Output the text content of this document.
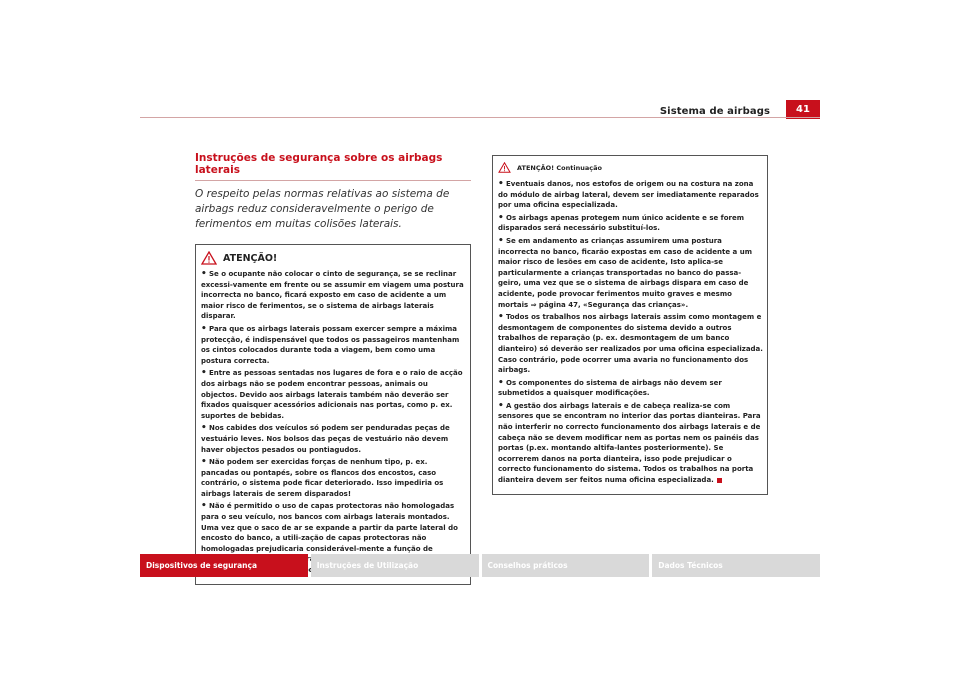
Sistema de airbags	41
Instruções de segurança sobre os airbags laterais
O respeito pelas normas relativas ao sistema de airbags reduz consideravelmente o perigo de ferimentos em muitas colisões laterais.
ATENÇÃO!
• Se o ocupante não colocar o cinto de segurança, se se reclinar excessi-vamente em frente ou se assumir em viagem uma postura incorrecta no banco, ficará exposto em caso de acidente a um maior risco de ferimentos, se o sistema de airbags laterais disparar.
• Para que os airbags laterais possam exercer sempre a máxima protecção, é indispensável que todos os passageiros mantenham os cintos colocados durante toda a viagem, bem como uma postura correcta.
• Entre as pessoas sentadas nos lugares de fora e o raio de acção dos airbags não se podem encontrar pessoas, animais ou objectos. Devido aos airbags laterais também não deverão ser fixados quaisquer acessórios adicionais nas portas, como p. ex. suportes de bebidas.
• Nos cabides dos veículos só podem ser penduradas peças de vestuário leves. Nos bolsos das peças de vestuário não devem haver objectos pesados ou pontiagudos.
• Não podem ser exercidas forças de nenhum tipo, p. ex. pancadas ou pontapés, sobre os flancos dos encostos, caso contrário, o sistema pode ficar deteriorado. Isso impediria os airbags laterais de serem disparados!
• Não é permitido o uso de capas protectoras não homologadas para o seu veículo, nos bancos com airbags laterais montados. Uma vez que o saco de ar se expande a partir da parte lateral do encosto do banco, a utili-zação de capas protectoras não homologadas prejudicaria considerável-mente a função de
ATENÇÃO! Continuação
• Eventuais danos, nos estofos de origem ou na costura na zona do módulo de airbag lateral, devem ser imediatamente reparados por uma oficina especializada.
• Os airbags apenas protegem num único acidente e se forem disparados será necessário substituí-los.
• Se em andamento as crianças assumirem uma postura incorrecta no banco, ficarão expostas em caso de acidente a um maior risco de lesões em caso de acidente, Isto aplica-se particularmente a crianças transportadas no banco do passa-geiro, uma vez que se o sistema de airbags dispara em caso de acidente, pode provocar ferimentos muito graves e mesmo mortais ⇒ página 47, «Segurança das crianças».
• Todos os trabalhos nos airbags laterais assim como montagem e desmontagem de componentes do sistema devido a outros trabalhos de reparação (p. ex. desmontagem de um banco dianteiro) só deverão ser realizados por uma oficina especializada. Caso contrário, pode ocorrer uma avaria no funcionamento dos airbags.
• Os componentes do sistema de airbags não devem ser submetidos a quaisquer modificações.
• A gestão dos airbags laterais e de cabeça realiza-se com sensores que se encontram no interior das portas dianteiras. Para não interferir no correcto funcionamento dos airbags laterais e de cabeça não se devem modificar nem as portas nem os painéis das portas (p.ex. montando altifa-lantes posteriormente). Se ocorrerem danos na porta dianteira, isso pode prejudicar o correcto funcionamento do sistema. Todos os trabalhos na porta dianteira devem ser feitos numa oficina especializada.
Dispositivos de segurança	Instruções de Utilização	Conselhos práticos	Dados Técnicos
